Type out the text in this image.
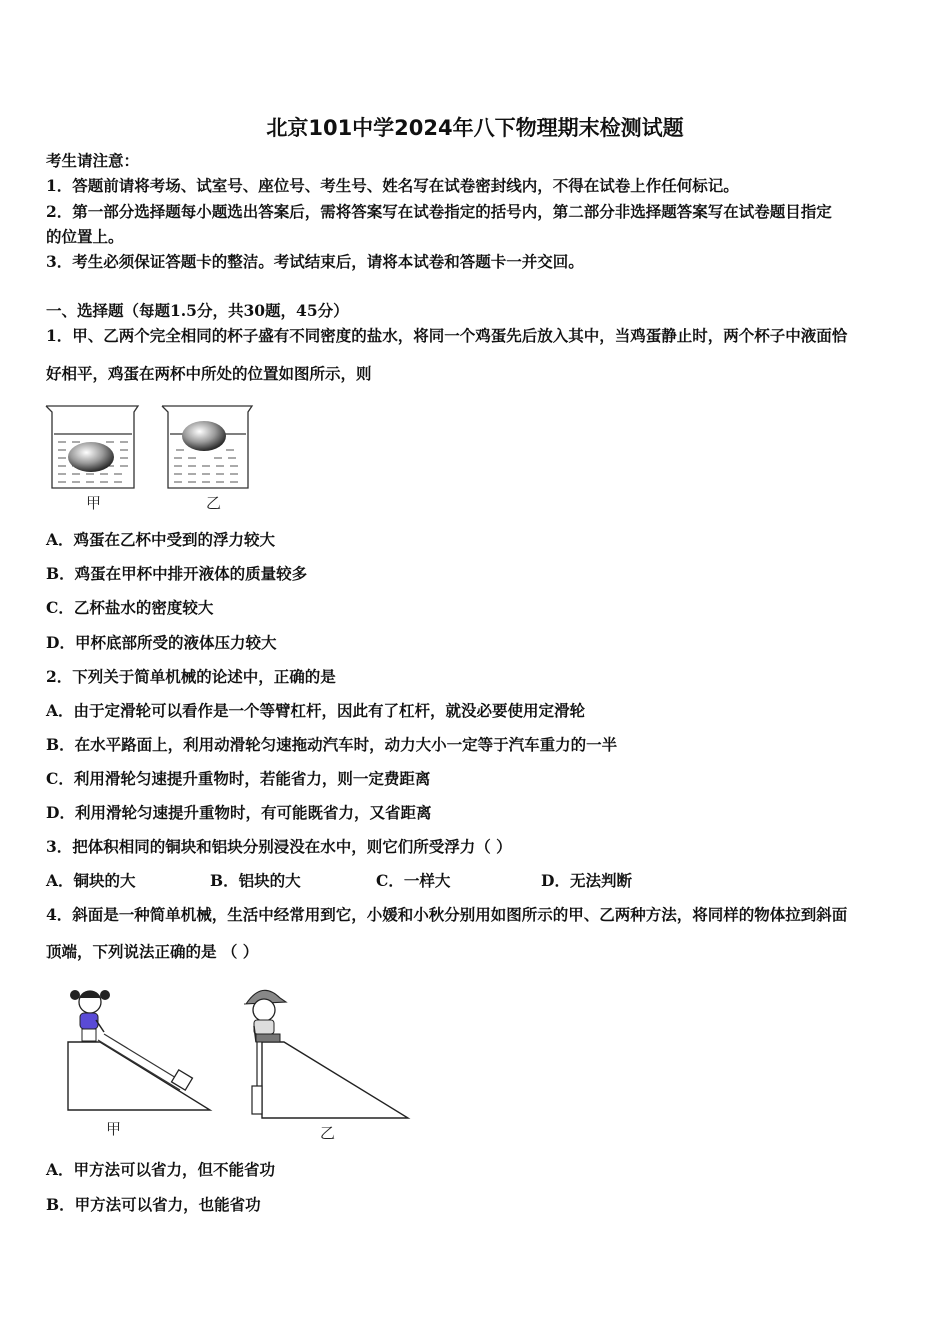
北京101中学2024年八下物理期末检测试题
考生请注意：
1．答题前请将考场、试室号、座位号、考生号、姓名写在试卷密封线内，不得在试卷上作任何标记。
2．第一部分选择题每小题选出答案后，需将答案写在试卷指定的括号内，第二部分非选择题答案写在试卷题目指定
的位置上。
3．考生必须保证答题卡的整洁。考试结束后，请将本试卷和答题卡一并交回。
一、选择题（每题1.5分，共30题，45分）
1．甲、乙两个完全相同的杯子盛有不同密度的盐水，将同一个鸡蛋先后放入其中，当鸡蛋静止时，两个杯子中液面恰
好相平，鸡蛋在两杯中所处的位置如图所示，则
甲	乙
A．鸡蛋在乙杯中受到的浮力较大
B．鸡蛋在甲杯中排开液体的质量较多
C．乙杯盐水的密度较大
D．甲杯底部所受的液体压力较大
2．下列关于简单机械的论述中，正确的是
A．由于定滑轮可以看作是一个等臂杠杆，因此有了杠杆，就没必要使用定滑轮
B．在水平路面上，利用动滑轮匀速拖动汽车时，动力大小一定等于汽车重力的一半
C．利用滑轮匀速提升重物时，若能省力，则一定费距离
D．利用滑轮匀速提升重物时，有可能既省力，又省距离
3．把体积相同的铜块和铝块分别浸没在水中，则它们所受浮力（ ）
A．铜块的大	B．铝块的大	C．一样大	D．无法判断
4．斜面是一种简单机械，生活中经常用到它，小媛和小秋分别用如图所示的甲、乙两种方法，将同样的物体拉到斜面
顶端，下列说法正确的是 （ ）
甲	乙
A．甲方法可以省力，但不能省功
B．甲方法可以省力，也能省功
